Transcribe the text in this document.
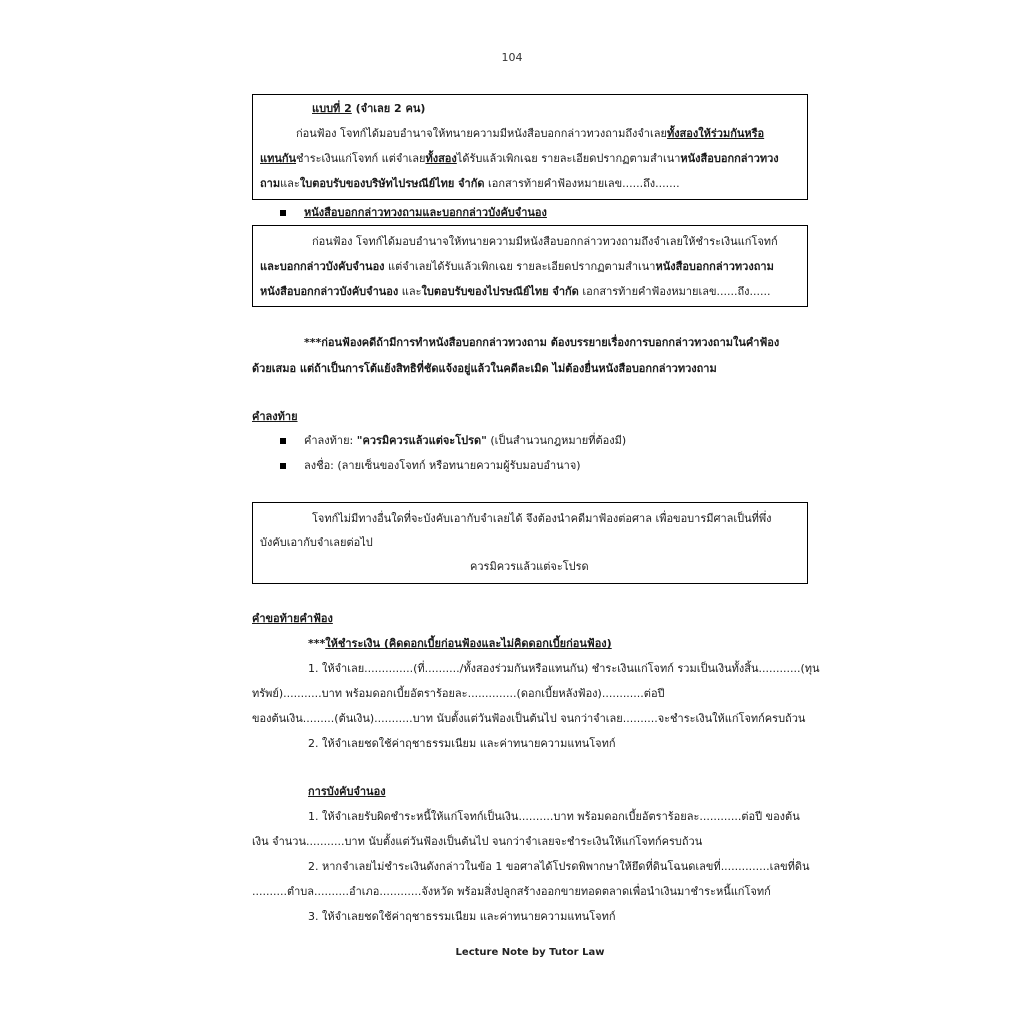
104
แบบที่ 2 (จำเลย 2 คน)
ก่อนฟ้อง โจทก์ได้มอบอำนาจให้ทนายความมีหนังสือบอกกล่าวทวงถามถึงจำเลยทั้งสองให้ร่วมกันหรือ
แทนกันชำระเงินแก่โจทก์ แต่จำเลยทั้งสองได้รับแล้วเพิกเฉย รายละเอียดปรากฏตามสำเนาหนังสือบอกกล่าวทวง
ถามและใบตอบรับของบริษัทไปรษณีย์ไทย จำกัด เอกสารท้ายคำฟ้องหมายเลข......ถึง.......
หนังสือบอกกล่าวทวงถามและบอกกล่าวบังคับจำนอง
ก่อนฟ้อง โจทก์ได้มอบอำนาจให้ทนายความมีหนังสือบอกกล่าวทวงถามถึงจำเลยให้ชำระเงินแก่โจทก์
และบอกกล่าวบังคับจำนอง แต่จำเลยได้รับแล้วเพิกเฉย รายละเอียดปรากฏตามสำเนาหนังสือบอกกล่าวทวงถาม
หนังสือบอกกล่าวบังคับจำนอง และใบตอบรับของไปรษณีย์ไทย จำกัด เอกสารท้ายคำฟ้องหมายเลข......ถึง......
***ก่อนฟ้องคดีถ้ามีการทำหนังสือบอกกล่าวทวงถาม ต้องบรรยายเรื่องการบอกกล่าวทวงถามในคำฟ้อง
ด้วยเสมอ แต่ถ้าเป็นการโต้แย้งสิทธิที่ชัดแจ้งอยู่แล้วในคดีละเมิด ไม่ต้องยื่นหนังสือบอกกล่าวทวงถาม
คำลงท้าย
คำลงท้าย: "ควรมิควรแล้วแต่จะโปรด" (เป็นสำนวนกฎหมายที่ต้องมี)
ลงชื่อ: (ลายเซ็นของโจทก์ หรือทนายความผู้รับมอบอำนาจ)
โจทก์ไม่มีทางอื่นใดที่จะบังคับเอากับจำเลยได้ จึงต้องนำคดีมาฟ้องต่อศาล เพื่อขอบารมีศาลเป็นที่พึ่ง
บังคับเอากับจำเลยต่อไป
ควรมิควรแล้วแต่จะโปรด
คำขอท้ายคำฟ้อง
***ให้ชำระเงิน (คิดดอกเบี้ยก่อนฟ้องและไม่คิดดอกเบี้ยก่อนฟ้อง)
1. ให้จำเลย..............(ที่........../ทั้งสองร่วมกันหรือแทนกัน) ชำระเงินแก่โจทก์ รวมเป็นเงินทั้งสิ้น............(ทุน
ทรัพย์)...........บาท พร้อมดอกเบี้ยอัตราร้อยละ..............(ดอกเบี้ยหลังฟ้อง)............ต่อปี
ของต้นเงิน.........(ต้นเงิน)...........บาท นับตั้งแต่วันฟ้องเป็นต้นไป จนกว่าจำเลย..........จะชำระเงินให้แก่โจทก์ครบถ้วน
2. ให้จำเลยชดใช้ค่าฤชาธรรมเนียม และค่าทนายความแทนโจทก์
การบังคับจำนอง
1. ให้จำเลยรับผิดชำระหนี้ให้แก่โจทก์เป็นเงิน..........บาท พร้อมดอกเบี้ยอัตราร้อยละ............ต่อปี ของต้น
เงิน จำนวน...........บาท นับตั้งแต่วันฟ้องเป็นต้นไป จนกว่าจำเลยจะชำระเงินให้แก่โจทก์ครบถ้วน
2. หากจำเลยไม่ชำระเงินดังกล่าวในข้อ 1 ขอศาลได้โปรดพิพากษาให้ยึดที่ดินโฉนดเลขที่..............เลขที่ดิน
..........ตำบล..........อำเภอ............จังหวัด พร้อมสิ่งปลูกสร้างออกขายทอดตลาดเพื่อนำเงินมาชำระหนี้แก่โจทก์
3. ให้จำเลยชดใช้ค่าฤชาธรรมเนียม และค่าทนายความแทนโจทก์
Lecture Note by Tutor Law
